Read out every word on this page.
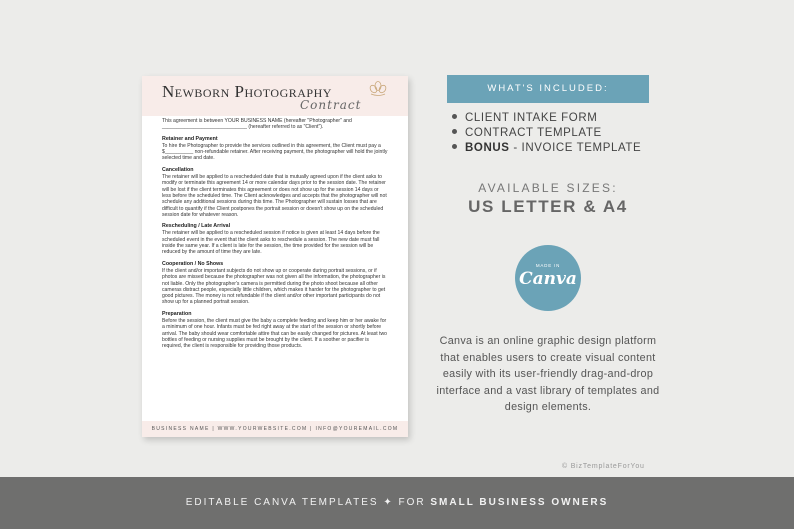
Newborn Photography
Contract

This agreement is between YOUR BUSINESS NAME (hereafter "Photographer" and
______________________________ (hereafter referred to as "Client").

Retainer and Payment

To hire the Photographer to provide the services outlined in this agreement, the Client must pay a $__________ non-refundable retainer. After receiving payment, the photographer will hold the jointly selected time and date.

Cancellation

The retainer will be applied to a rescheduled date that is mutually agreed upon if the client asks to modify or terminate this agreement 14 or more calendar days prior to the session date. The retainer will be lost if the client terminates this agreement or does not show up for the session 14 days or less before the scheduled time. The Client acknowledges and accepts that the photographer will not schedule any additional sessions during this time. The Photographer will sustain losses that are difficult to quantify if the Client postpones the portrait session or doesn't show up on the scheduled session date for whatever reason.

Rescheduling / Late Arrival

The retainer will be applied to a rescheduled session if notice is given at least 14 days before the scheduled event in the event that the client asks to reschedule a session. The new date must fall inside the same year. If a client is late for the session, the time provided for the session will be reduced by the amount of time they are late.

Cooperation / No Shows

If the client and/or important subjects do not show up or cooperate during portrait sessions, or if photos are missed because the photographer was not given all the information, the photographer is not liable. Only the photographer's camera is permitted during the photo shoot because all other cameras distract people, especially little children, which makes it harder for the photographer to get good pictures. The money is not refundable if the client and/or other important participants do not show up for a planned portrait session.

Preparation

Before the session, the client must give the baby a complete feeding and keep him or her awake for a minimum of one hour. Infants must be fed right away at the start of the session or shortly before arrival. The baby should wear comfortable attire that can be easily changed for pictures. At least two bottles of feeding or nursing supplies must be brought by the client. If a soother or pacifier is required, the client is responsible for providing those products.

BUSINESS NAME | WWW.YOURWEBSITE.COM | INFO@YOUREMAIL.COM
WHAT'S INCLUDED:
CLIENT INTAKE FORM
CONTRACT TEMPLATE
BONUS - INVOICE TEMPLATE
AVAILABLE SIZES:
US LETTER & A4
MADE IN
Canva

Canva is an online graphic design platform that enables users to create visual content easily with its user-friendly drag-and-drop interface and a vast library of templates and design elements.

© BizTemplateForYou
EDITABLE CANVA TEMPLATES ✦ FOR SMALL BUSINESS OWNERS
